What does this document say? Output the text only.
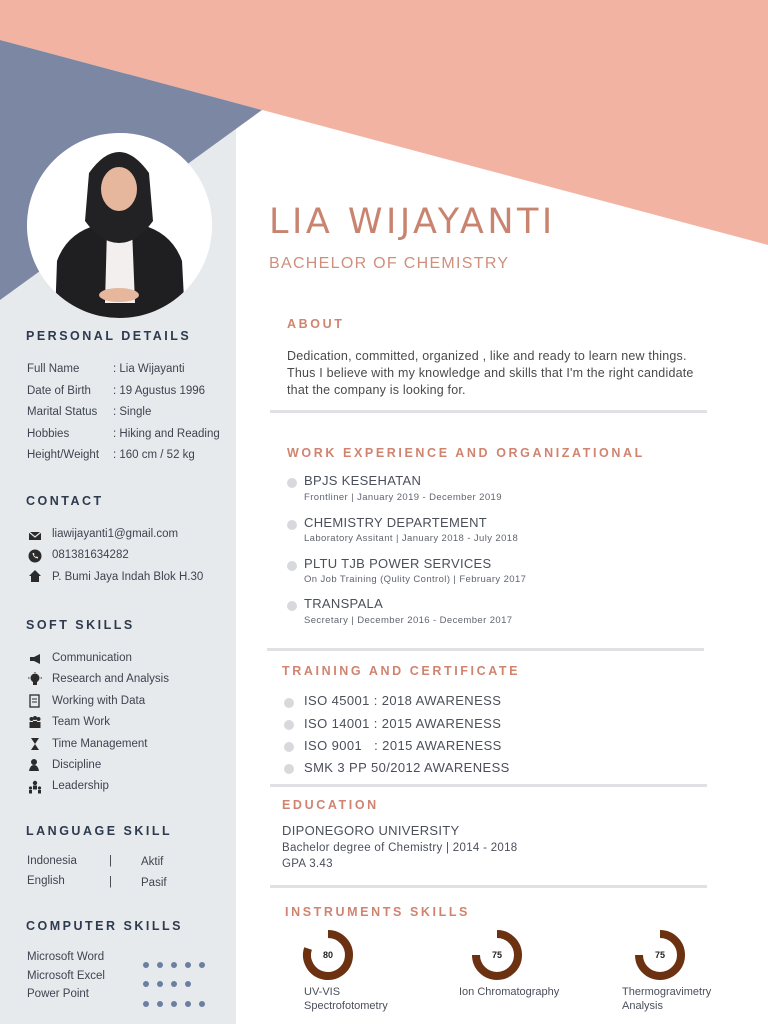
LIA WIJAYANTI
BACHELOR OF CHEMISTRY
PERSONAL DETAILS
Full Name	: Lia Wijayanti
Date of Birth : 19 Agustus 1996
Marital Status : Single
Hobbies	: Hiking and Reading
Height/Weight : 160 cm / 52 kg
CONTACT
liawijayanti1@gmail.com
081381634282
P. Bumi Jaya Indah Blok H.30
SOFT SKILLS
Communication
Research and Analysis
Working with Data
Team Work
Time Management
Discipline
Leadership
LANGUAGE SKILL
Indonesia	|	Aktif
English	|	Pasif
COMPUTER SKILLS
Microsoft Word
Microsoft Excel
Power Point
ABOUT
Dedication, committed, organized , like and ready to learn new things. Thus I believe with my knowledge and skills that I'm the right candidate that the company is looking for.
WORK EXPERIENCE AND ORGANIZATIONAL
BPJS KESEHATAN
Frontliner | January 2019 - December 2019
CHEMISTRY DEPARTEMENT
Laboratory Assitant | January 2018 - July 2018
PLTU TJB POWER SERVICES
On Job Training (Qulity Control) | February 2017
TRANSPALA
Secretary | December 2016 - December 2017
TRAINING AND CERTIFICATE
ISO 45001 : 2018 AWARENESS
ISO 14001 : 2015 AWARENESS
ISO 9001   : 2015 AWARENESS
SMK 3 PP 50/2012 AWARENESS
EDUCATION
DIPONEGORO UNIVERSITY
Bachelor degree of Chemistry | 2014 - 2018
GPA 3.43
INSTRUMENTS SKILLS
80	75	75
UV-VIS
Spectrofotometry
Ion Chromatography	Thermogravimetry
Analysis
